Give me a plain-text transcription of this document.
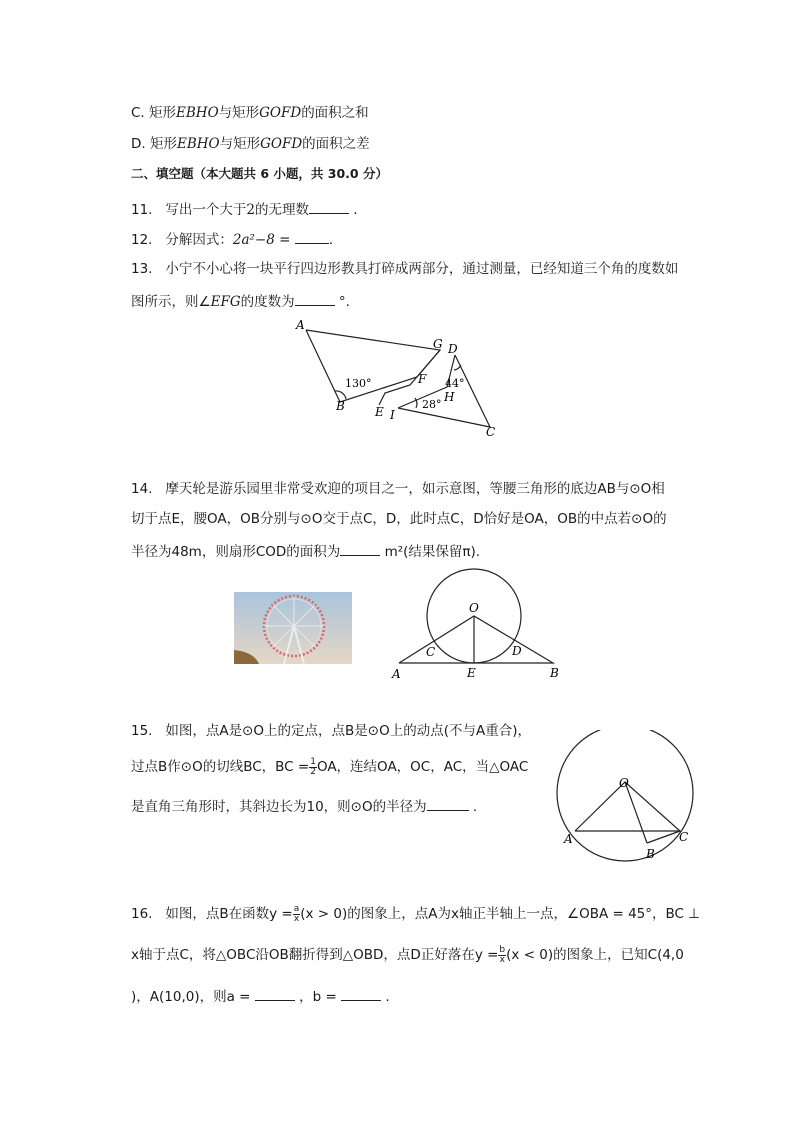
C. 矩形EBHO与矩形GOFD的面积之和
D. 矩形EBHO与矩形GOFD的面积之差
二、填空题（本大题共 6 小题，共 30.0 分）
11. 写出一个大于2的无理数	.
12. 分解因式：2a²−8 =	.
13. 小宁不小心将一块平行四边形教具打碎成两部分，通过测量，已经知道三个角的度数如
图所示，则∠EFG的度数为	°.
A
B
C
D
E
F
G
H
I
130°	44°
28°
14. 摩天轮是游乐园里非常受欢迎的项目之一，如示意图，等腰三角形的底边AB与⊙O相
切于点E，腰OA，OB分别与⊙O交于点C，D，此时点C，D恰好是OA，OB的中点若⊙O的
半径为48m，则扇形COD的面积为	m²(结果保留π).
O
A	B
C	D
E
15. 如图，点A是⊙O上的定点，点B是⊙O上的动点(不与A重合)，
过点B作⊙O的切线BC，BC = $\frac{1}{2}$ OA，连结OA，OC，AC，当△OAC
是直角三角形时，其斜边长为10，则⊙O的半径为	.
O
A
B
C
16. 如图，点B在函数$y = \frac{a}{x} (x > 0)$的图象上，点A为x轴正半轴上一点，∠OBA = 45°，BC ⊥
x轴于点C，将△OBC沿OB翻折得到△OBD，点D正好落在$y = \frac{b}{x} (x < 0)$的图象上，已知C(4,0
)，A(10,0)，则a =	，b =	.
